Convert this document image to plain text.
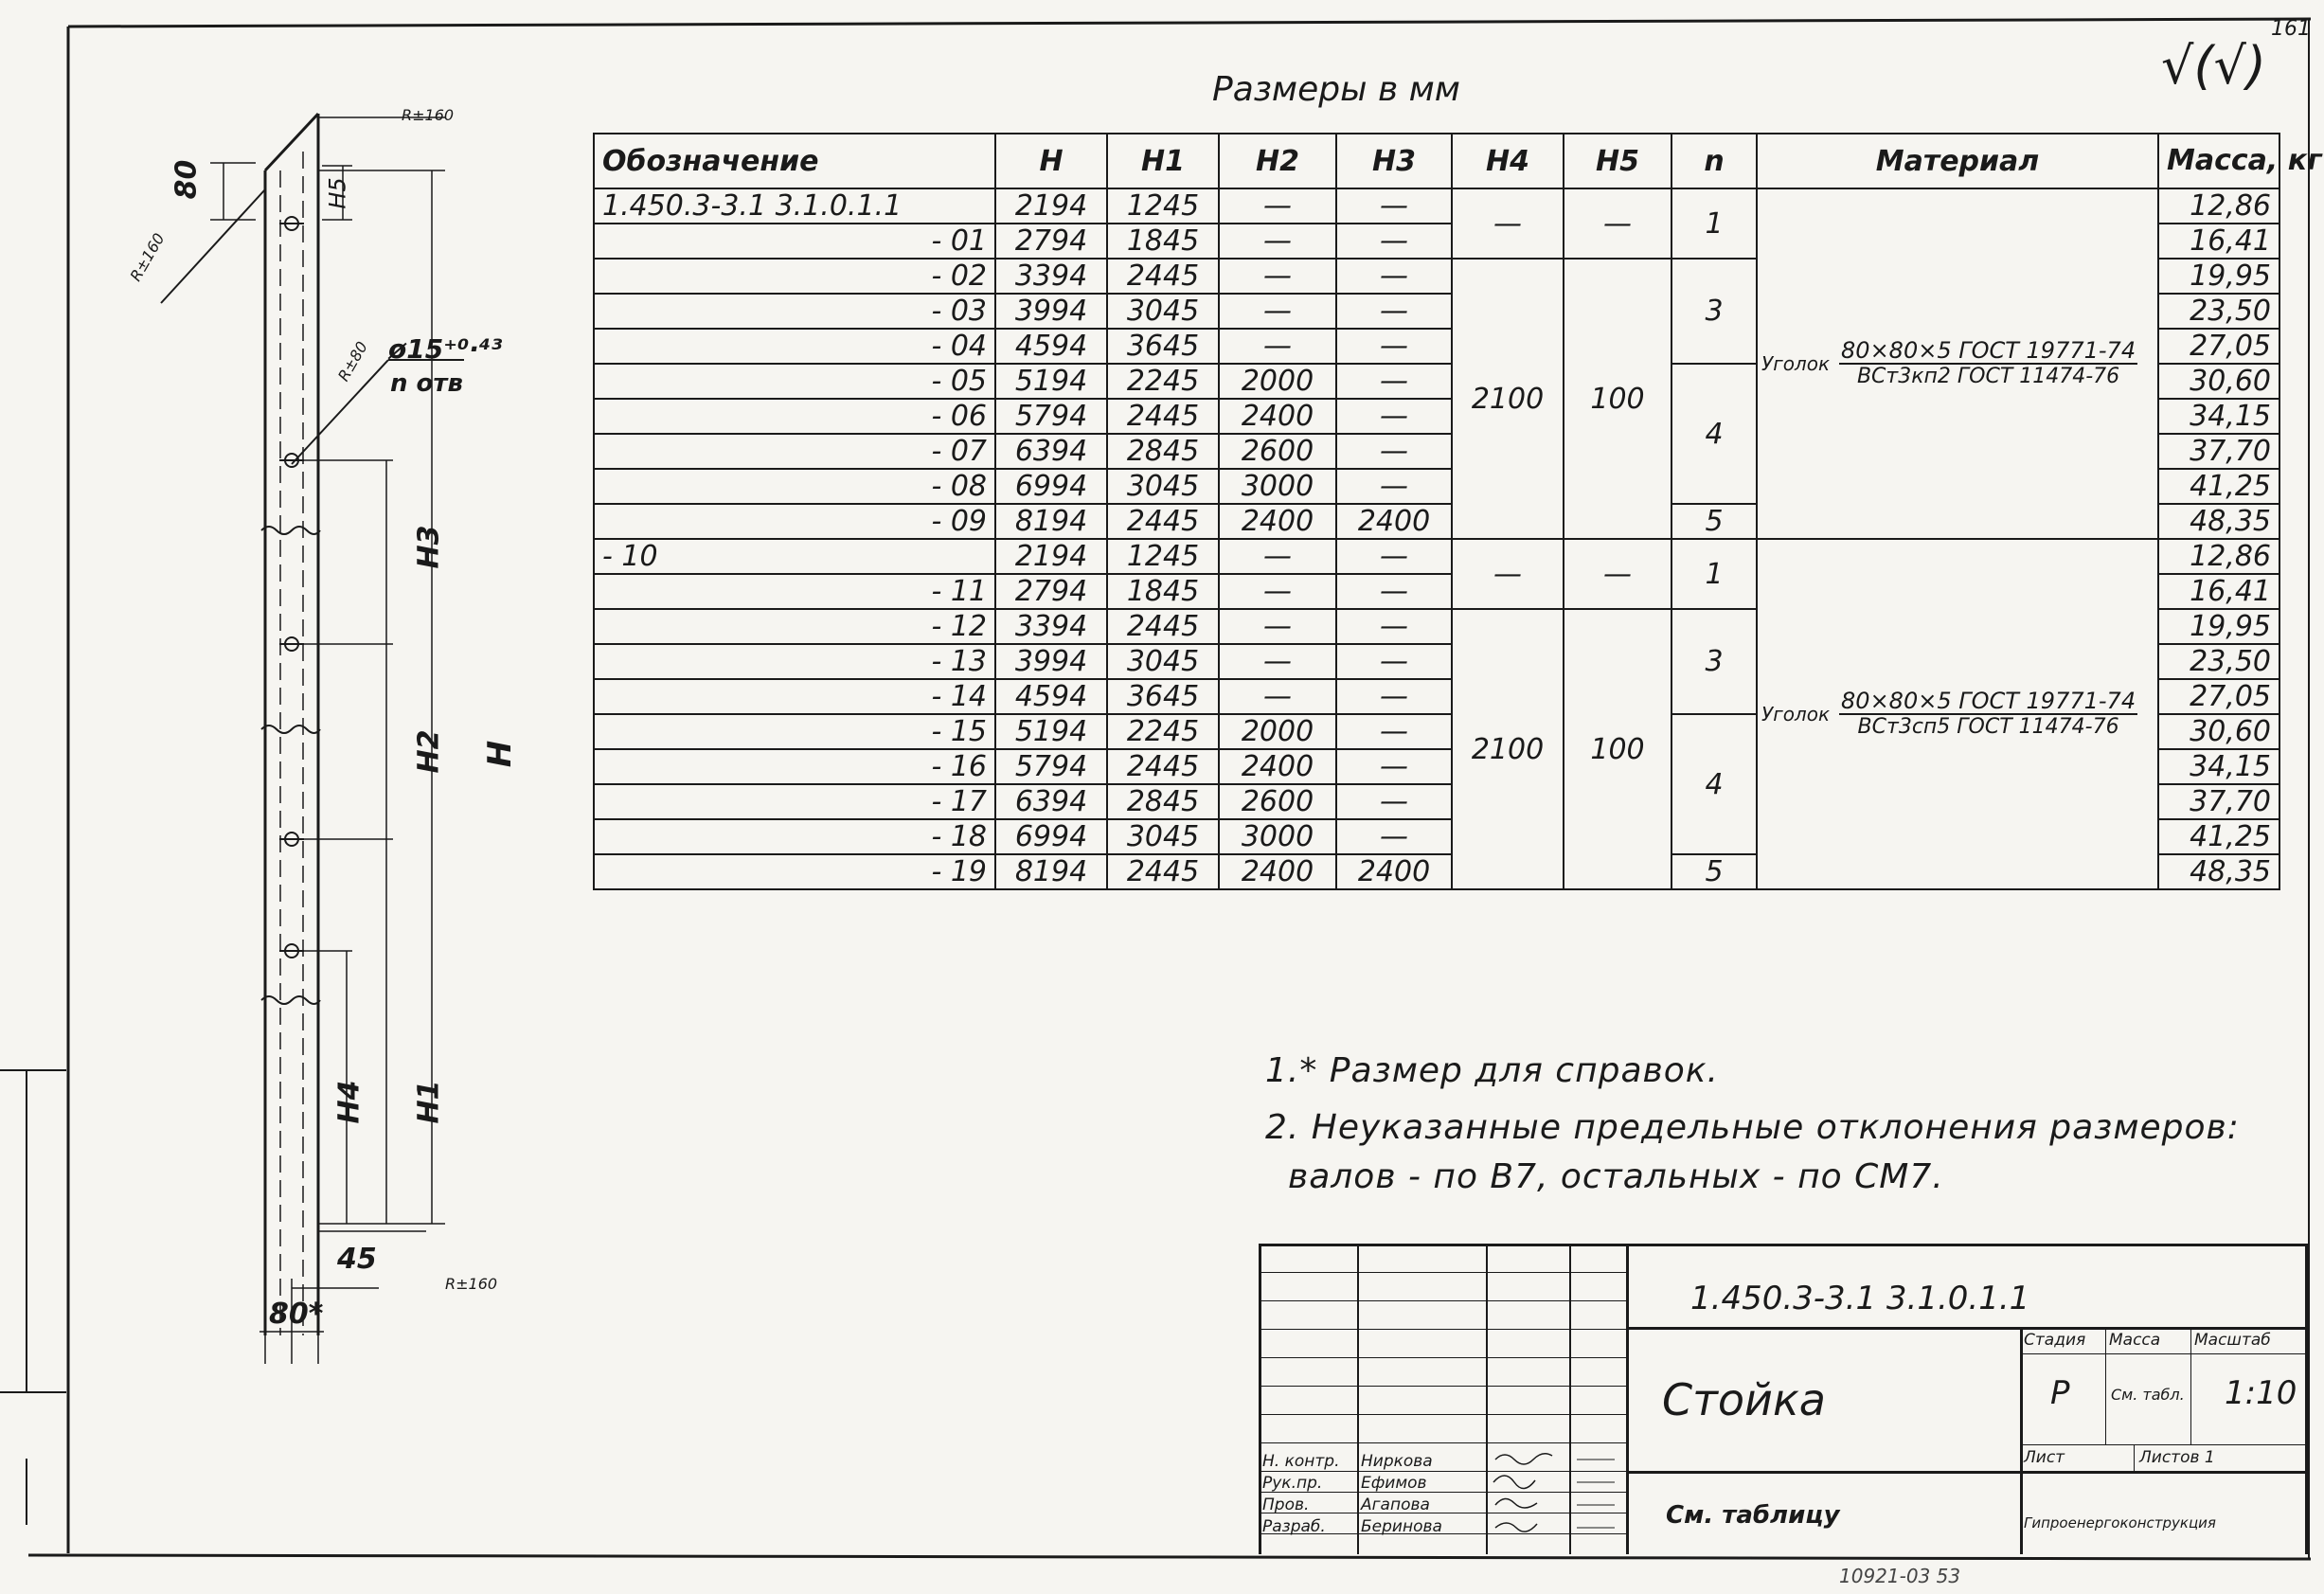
Размеры в мм
161
√(√)
80	H5
R±160
R±160
R±80 ø15⁺⁰·⁴³
n отв
H3
H2 H
H4 H1
45
80*
R±160
Обозначение	H	H1	H2	H3	H4	H5	n	Материал	Масса, кг
1.450.3-3.1 3.1.0.1.1	2194	1245	—	—	—	—	1	Уголок $\frac{\text{80×80×5 ГОСТ 19771-74}}{\text{ВСт3кп2 ГОСТ 11474-76}}$	12,86
- 01	2794	1845	—	—					16,41
- 02	3394	2445	—	—	2100	100	3		19,95
- 03	3994	3045	—	—					23,50
- 04	4594	3645	—	—					27,05
- 05	5194	2245	2000	—			4		30,60
- 06	5794	2445	2400	—					34,15
- 07	6394	2845	2600	—					37,70
- 08	6994	3045	3000	—					41,25
- 09	8194	2445	2400	2400			5		48,35
- 10	2194	1245	—	—	—	—	1	Уголок $\frac{\text{80×80×5 ГОСТ 19771-74}}{\text{ВСт3сп5 ГОСТ 11474-76}}$	12,86
- 11	2794	1845	—	—					16,41
- 12	3394	2445	—	—	2100	100	3		19,95
- 13	3994	3045	—	—					23,50
- 14	4594	3645	—	—					27,05
- 15	5194	2245	2000	—			4		30,60
- 16	5794	2445	2400	—					34,15
- 17	6394	2845	2600	—					37,70
- 18	6994	3045	3000	—					41,25
- 19	8194	2445	2400	2400			5		48,35
1.* Размер для справок.
2. Неуказанные предельные отклонения размеров:
валов - по В7, остальных - по СМ7.
Н. контр. Ниркова
Рук.пр. Ефимов
Пров.	Агапова
Разраб. Беринова
1.450.3-3.1 3.1.0.1.1
Стойка
См. таблицу
Стадия Масса Масштаб
Р	См. табл. 1:10
Лист	Листов 1
Гипроенергоконструкция
10921-03 53
